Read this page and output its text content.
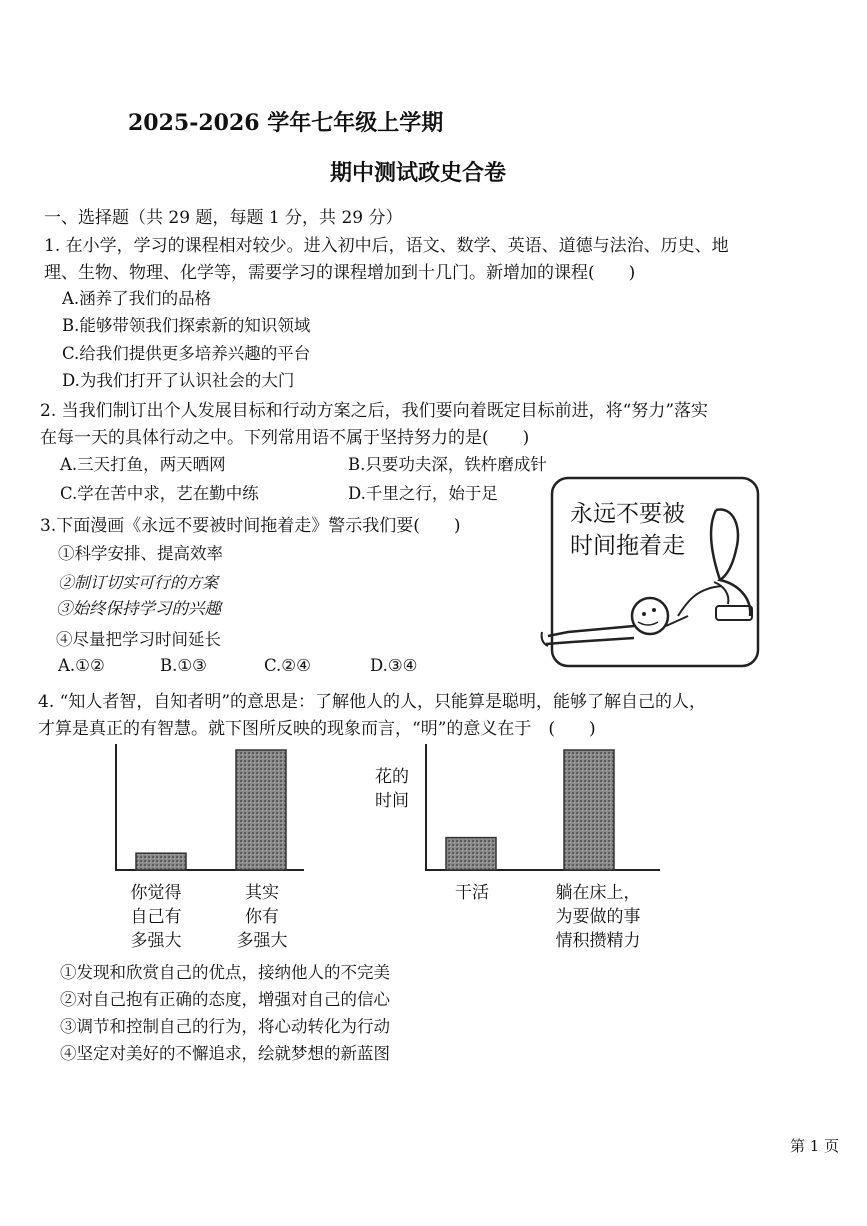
2025-2026 学年七年级上学期
期中测试政史合卷
一、选择题（共 29 题，每题 1 分，共 29 分）
1. 在小学，学习的课程相对较少。进入初中后，语文、数学、英语、道德与法治、历史、地
理、生物、物理、化学等，需要学习的课程增加到十几门。新增加的课程(　　)
A.涵养了我们的品格
B.能够带领我们探索新的知识领域
C.给我们提供更多培养兴趣的平台
D.为我们打开了认识社会的大门
2. 当我们制订出个人发展目标和行动方案之后，我们要向着既定目标前进，将“努力”落实
在每一天的具体行动之中。下列常用语不属于坚持努力的是(　　)
A.三天打鱼，两天晒网	B.只要功夫深，铁杵磨成针
C.学在苦中求，艺在勤中练	D.千里之行，始于足
3.下面漫画《永远不要被时间拖着走》警示我们要(　　)
①科学安排、提高效率
②制订切实可行的方案
③始终保持学习的兴趣
④尽量把学习时间延长
A.①②	B.①③	C.②④	D.③④
永远不要被
时间拖着走
4. “知人者智，自知者明”的意思是：了解他人的人，只能算是聪明，能够了解自己的人，
才算是真正的有智慧。就下图所反映的现象而言，“明”的意义在于　(　　)
你觉得
自己有
多强大
其实
你有
多强大
干活	躺在床上，
为要做的事
情积攒精力
花的
时间
①发现和欣赏自己的优点，接纳他人的不完美
②对自己抱有正确的态度，增强对自己的信心
③调节和控制自己的行为，将心动转化为行动
④坚定对美好的不懈追求，绘就梦想的新蓝图
第 1 页
